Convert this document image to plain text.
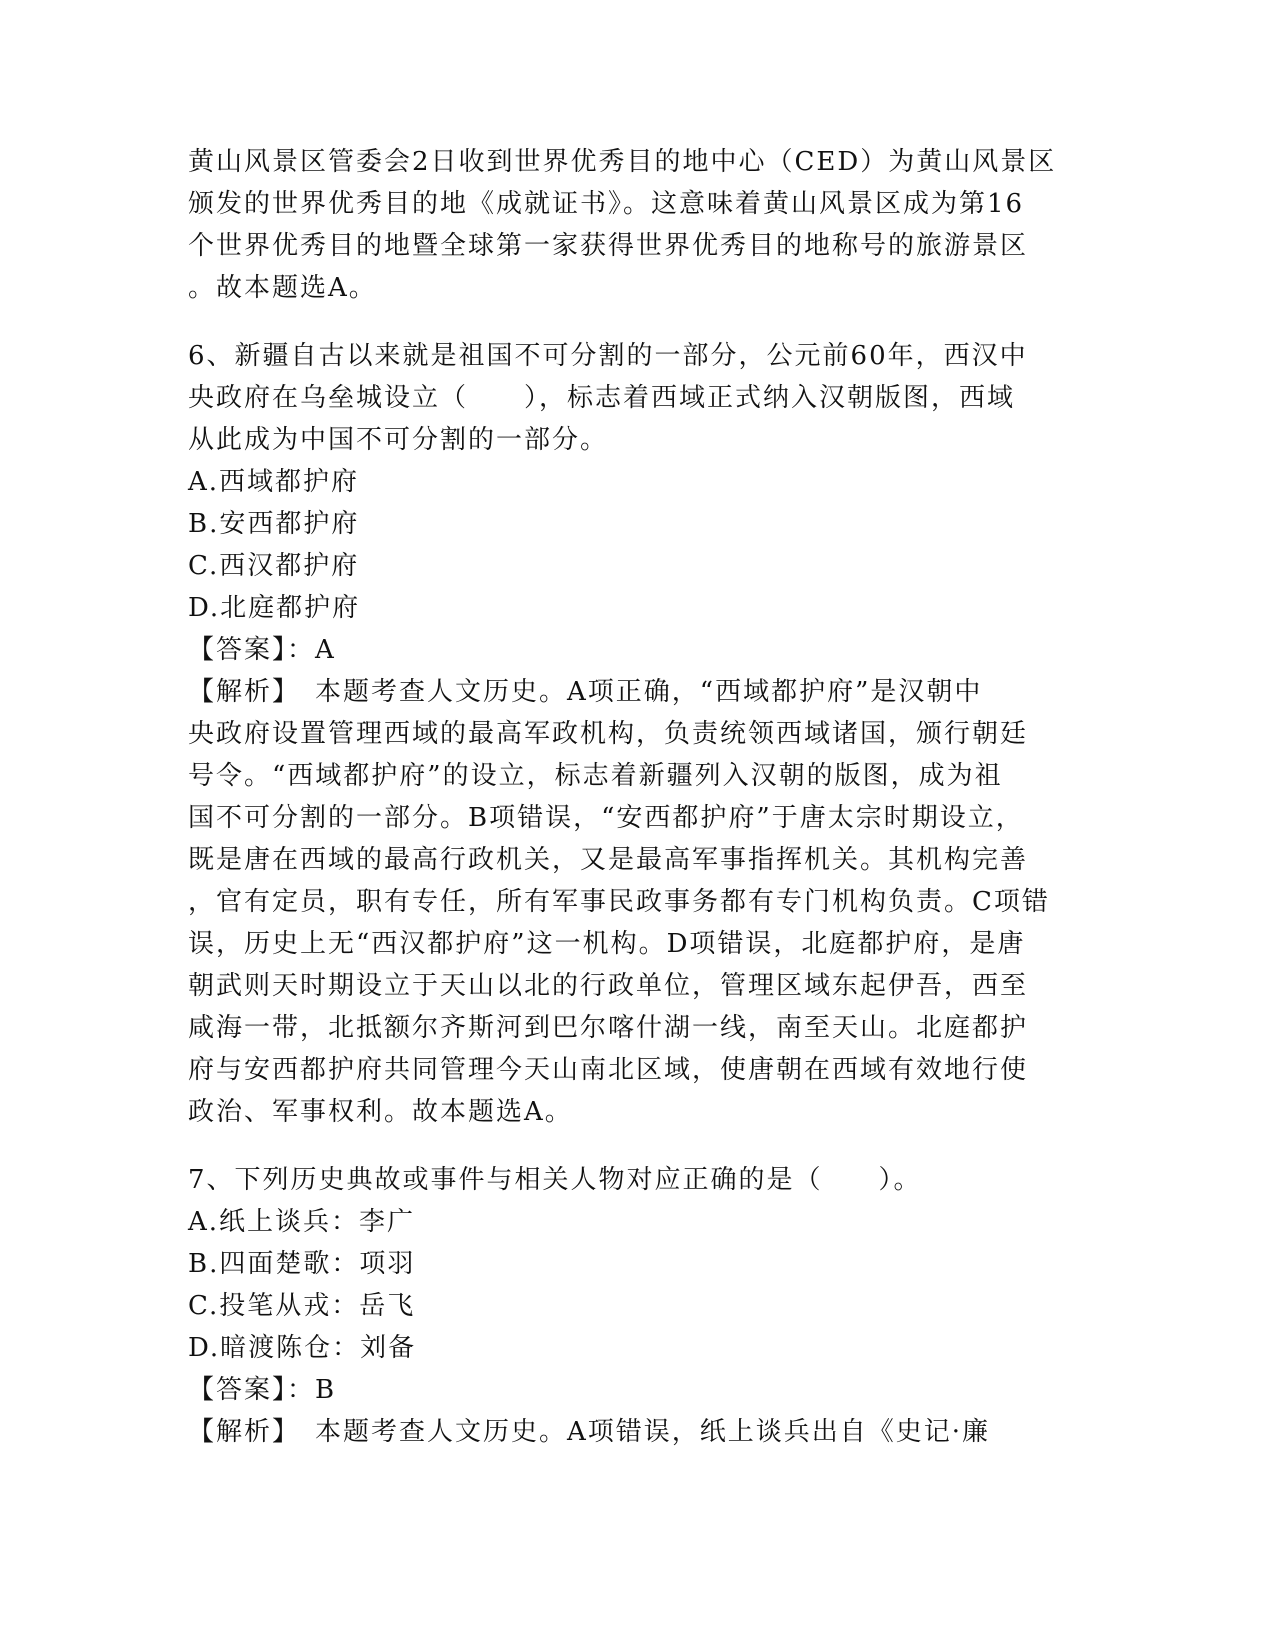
黄山风景区管委会2日收到世界优秀目的地中心（CED）为黄山风景区
颁发的世界优秀目的地《成就证书》。这意味着黄山风景区成为第16
个世界优秀目的地暨全球第一家获得世界优秀目的地称号的旅游景区
。故本题选A。
6、新疆自古以来就是祖国不可分割的一部分，公元前60年，西汉中
央政府在乌垒城设立（　　），标志着西域正式纳入汉朝版图，西域
从此成为中国不可分割的一部分。
A.西域都护府
B.安西都护府
C.西汉都护府
D.北庭都护府
【答案】：A
【解析】　本题考查人文历史。A项正确，“西域都护府”是汉朝中
央政府设置管理西域的最高军政机构，负责统领西域诸国，颁行朝廷
号令。“西域都护府”的设立，标志着新疆列入汉朝的版图，成为祖
国不可分割的一部分。B项错误，“安西都护府”于唐太宗时期设立，
既是唐在西域的最高行政机关，又是最高军事指挥机关。其机构完善
，官有定员，职有专任，所有军事民政事务都有专门机构负责。C项错
误，历史上无“西汉都护府”这一机构。D项错误，北庭都护府，是唐
朝武则天时期设立于天山以北的行政单位，管理区域东起伊吾，西至
咸海一带，北抵额尔齐斯河到巴尔喀什湖一线，南至天山。北庭都护
府与安西都护府共同管理今天山南北区域，使唐朝在西域有效地行使
政治、军事权利。故本题选A。
7、下列历史典故或事件与相关人物对应正确的是（　　）。
A.纸上谈兵：李广
B.四面楚歌：项羽
C.投笔从戎：岳飞
D.暗渡陈仓：刘备
【答案】：B
【解析】　本题考查人文历史。A项错误，纸上谈兵出自《史记·廉
